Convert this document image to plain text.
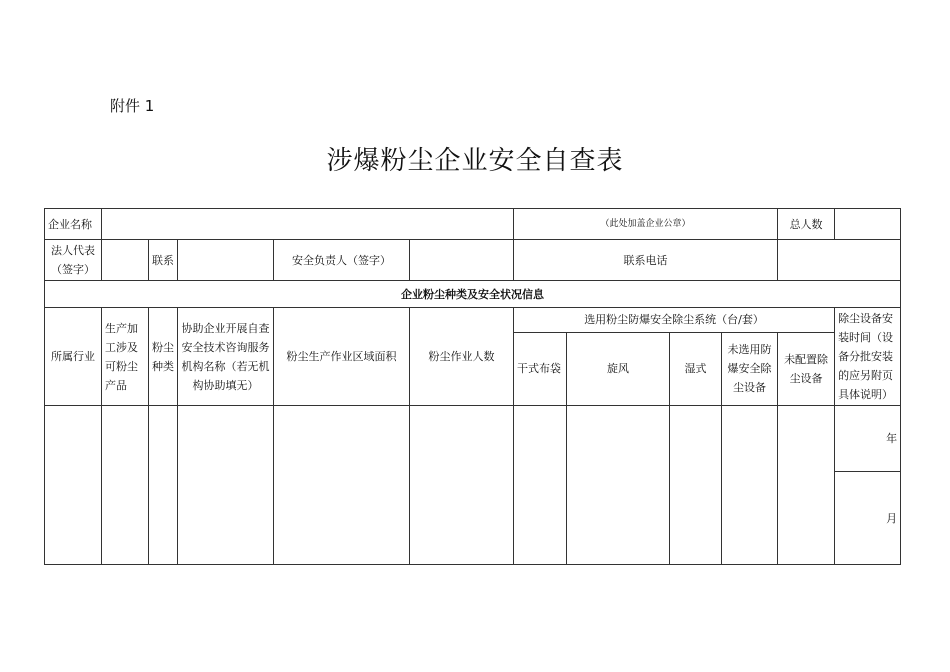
附件 1
涉爆粉尘企业安全自查表
企业名称						（此处加盖企业公章）				总人数	
法人代表（签字）		联系		安全负责人（签字）		联系电话					
企业粉尘种类及安全状况信息											
所属行业	生产加工涉及可粉尘产品	粉尘种类	协助企业开展自查安全技术咨询服务机构名称（若无机构协助填无）	粉尘生产作业区域面积	粉尘作业人数	选用粉尘防爆安全除尘系统（台/套）					除尘设备安装时间（设备分批安装的应另附页具体说明）
						干式布袋	旋风	湿式	未选用防爆安全除尘设备	未配置除尘设备	
											年
											月
